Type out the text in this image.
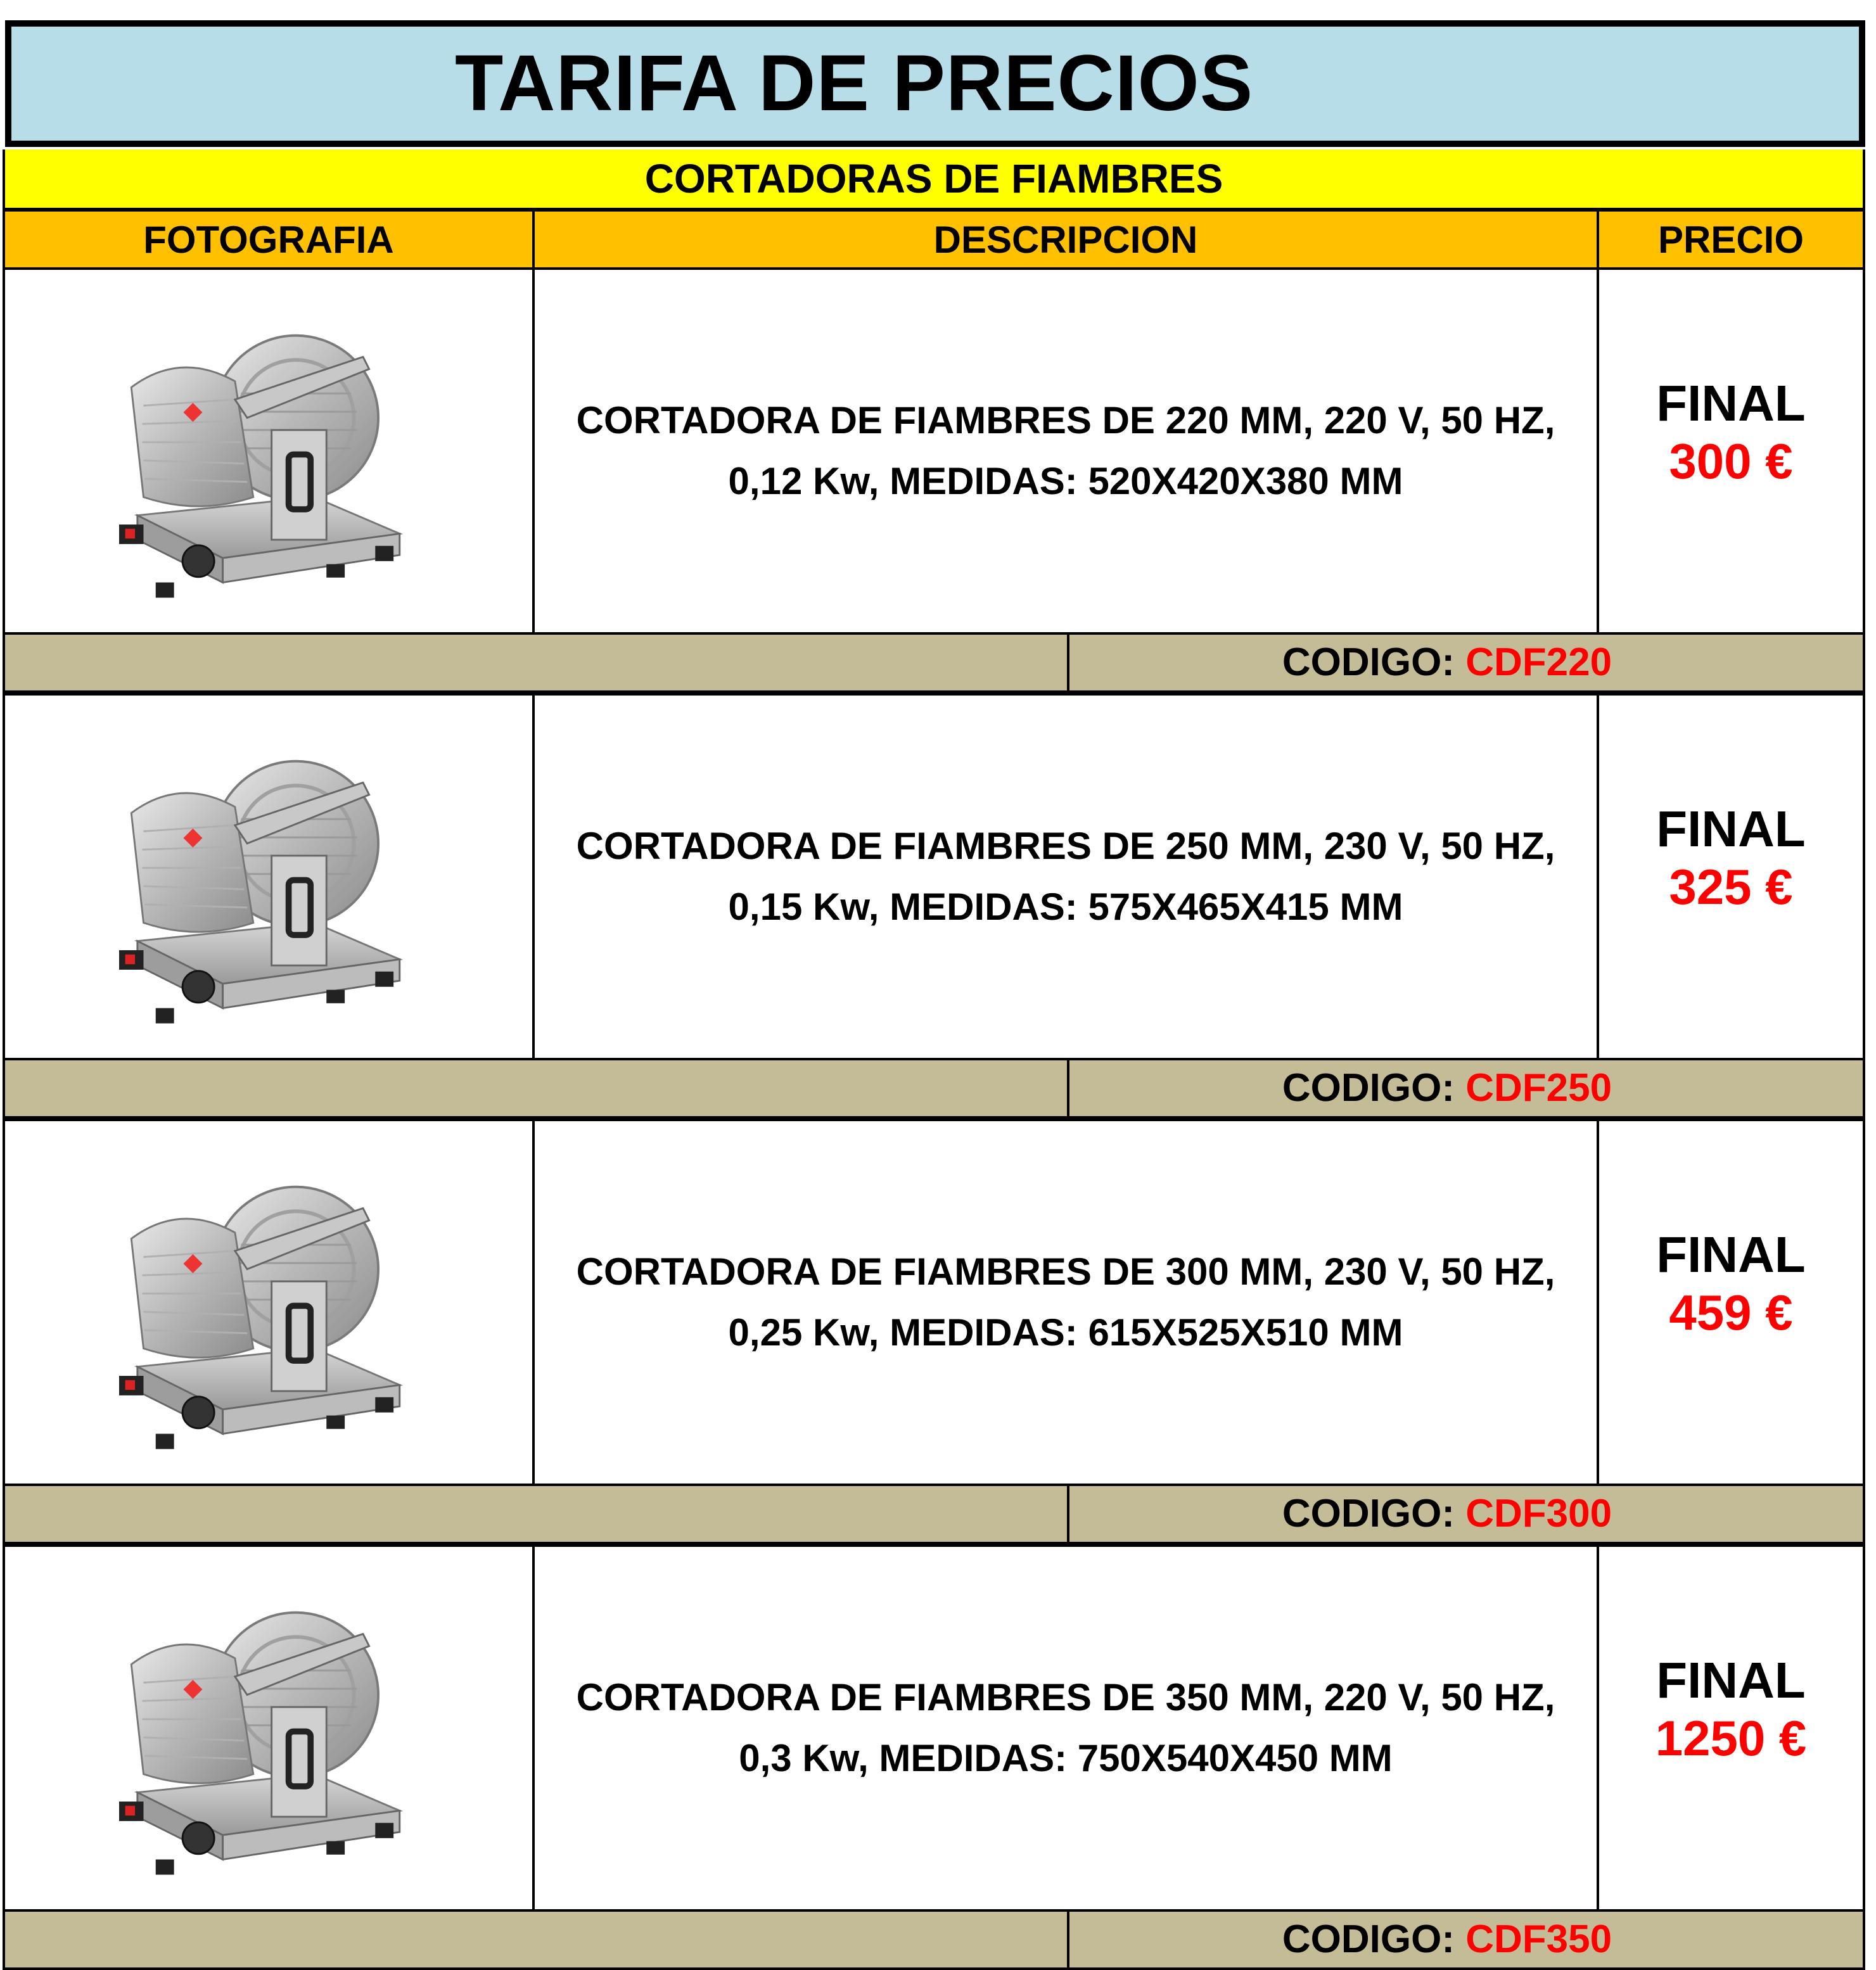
TARIFA DE PRECIOS
CORTADORAS DE FIAMBRES
FOTOGRAFIA	DESCRIPCION	PRECIO
CORTADORA DE FIAMBRES DE 220 MM, 220 V, 50 HZ,
0,12 Kw, MEDIDAS: 520X420X380 MM
FINAL
300 €
CODIGO: CDF220
CORTADORA DE FIAMBRES DE 250 MM, 230 V, 50 HZ,
0,15 Kw, MEDIDAS: 575X465X415 MM
FINAL
325 €
CODIGO: CDF250
CORTADORA DE FIAMBRES DE 300 MM, 230 V, 50 HZ,
0,25 Kw, MEDIDAS: 615X525X510 MM
FINAL
459 €
CODIGO: CDF300
CORTADORA DE FIAMBRES DE 350 MM, 220 V, 50 HZ,
0,3 Kw, MEDIDAS: 750X540X450 MM
FINAL
1250 €
CODIGO: CDF350
